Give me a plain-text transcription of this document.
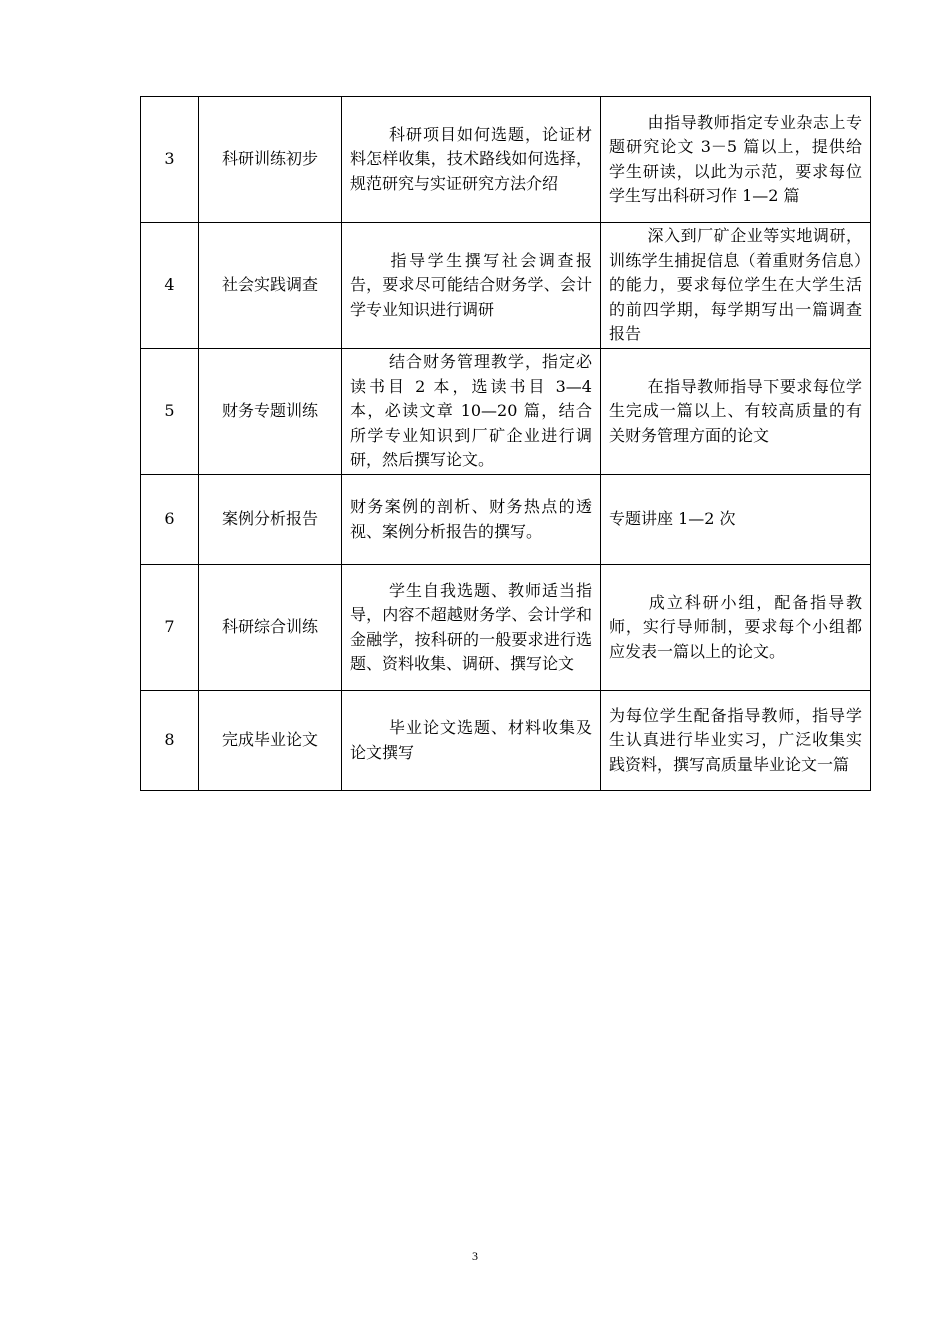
3	科研训练初步	科研项目如何选题，论证材料怎样收集，技术路线如何选择，规范研究与实证研究方法介绍	由指导教师指定专业杂志上专题研究论文 3－5 篇以上，提供给学生研读，以此为示范，要求每位学生写出科研习作 1—2 篇
4	社会实践调查	指导学生撰写社会调查报告，要求尽可能结合财务学、会计学专业知识进行调研	深入到厂矿企业等实地调研，训练学生捕捉信息（着重财务信息）的能力，要求每位学生在大学生活的前四学期，每学期写出一篇调查报告
5	财务专题训练	结合财务管理教学，指定必读书目 2 本，选读书目 3—4 本，必读文章 10—20 篇，结合所学专业知识到厂矿企业进行调研，然后撰写论文。	在指导教师指导下要求每位学生完成一篇以上、有较高质量的有关财务管理方面的论文
6	案例分析报告	财务案例的剖析、财务热点的透视、案例分析报告的撰写。	专题讲座 1—2 次
7	科研综合训练	学生自我选题、教师适当指导，内容不超越财务学、会计学和金融学，按科研的一般要求进行选题、资料收集、调研、撰写论文	成立科研小组，配备指导教师，实行导师制，要求每个小组都应发表一篇以上的论文。
8	完成毕业论文	毕业论文选题、材料收集及论文撰写	为每位学生配备指导教师，指导学生认真进行毕业实习，广泛收集实践资料，撰写高质量毕业论文一篇
3
